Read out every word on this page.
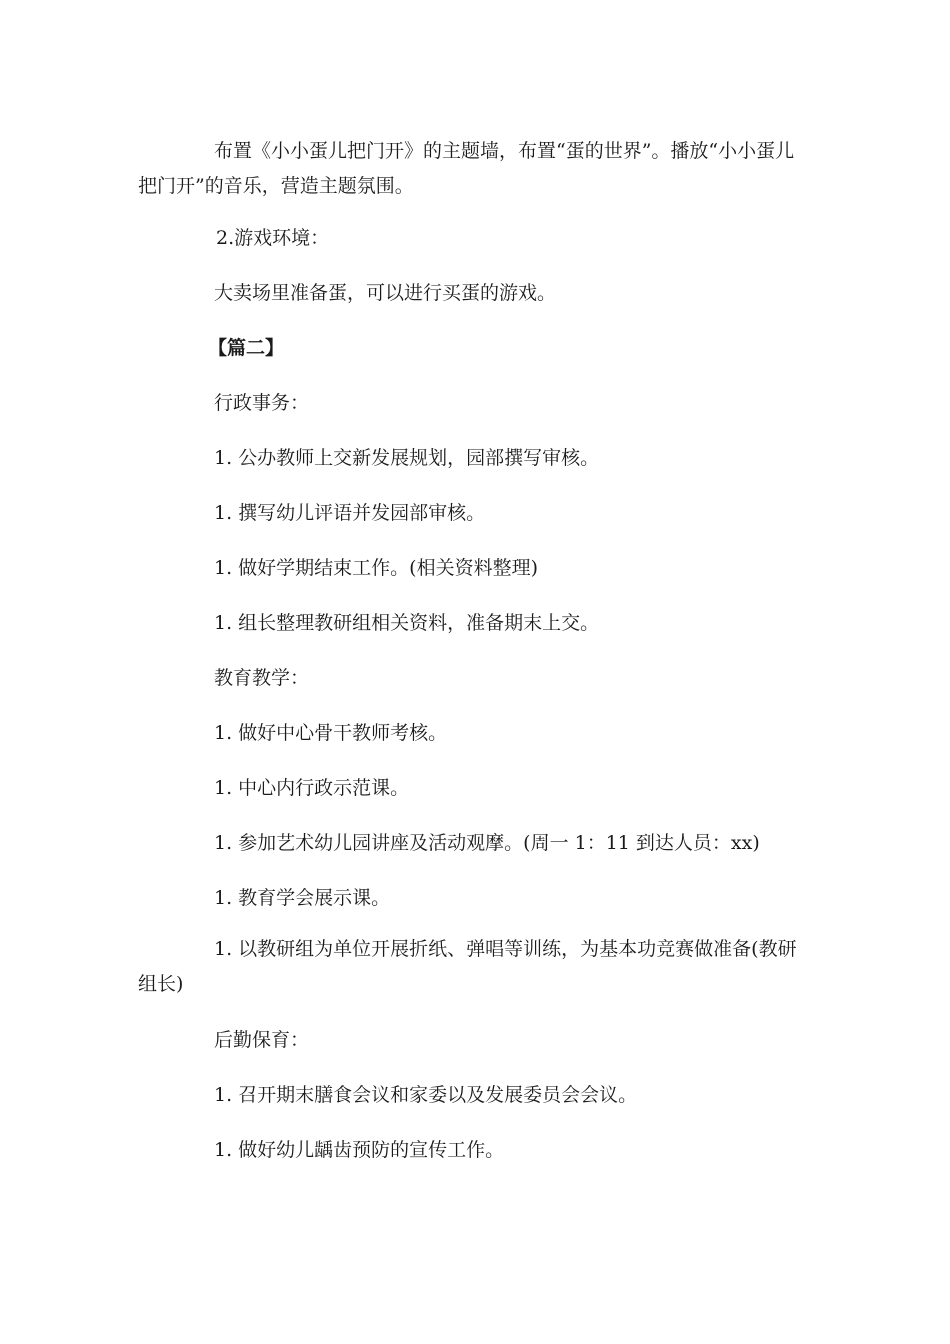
布置《小小蛋儿把门开》的主题墙，布置“蛋的世界”。播放“小小蛋儿把门开”的音乐，营造主题氛围。

2.游戏环境：

大卖场里准备蛋，可以进行买蛋的游戏。

【篇二】

行政事务：

1. 公办教师上交新发展规划，园部撰写审核。

1. 撰写幼儿评语并发园部审核。

1. 做好学期结束工作。(相关资料整理)

1. 组长整理教研组相关资料，准备期末上交。

教育教学：

1. 做好中心骨干教师考核。

1. 中心内行政示范课。

1. 参加艺术幼儿园讲座及活动观摩。(周一 1：11 到达人员：xx)

1. 教育学会展示课。

1. 以教研组为单位开展折纸、弹唱等训练，为基本功竞赛做准备(教研组长)

后勤保育：

1. 召开期末膳食会议和家委以及发展委员会会议。

1. 做好幼儿龋齿预防的宣传工作。
